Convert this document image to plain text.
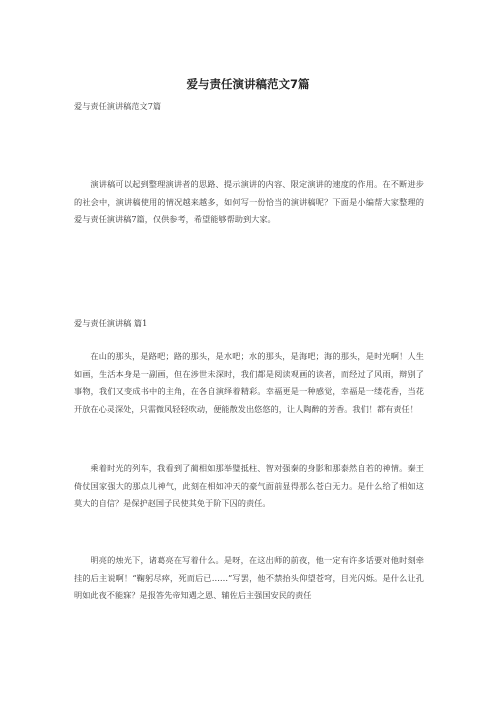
爱与责任演讲稿范文7篇
爱与责任演讲稿范文7篇

演讲稿可以起到整理演讲者的思路、提示演讲的内容、限定演讲的速度的作用。在不断进步的社会中，演讲稿使用的情况越来越多，如何写一份恰当的演讲稿呢？下面是小编帮大家整理的爱与责任演讲稿7篇，仅供参考，希望能够帮助到大家。

爱与责任演讲稿 篇1

在山的那头，是路吧；路的那头，是水吧；水的那头，是海吧；海的那头，是时光啊！人生如画，生活本身是一副画，但在涉世未深时，我们都是阅读观画的读者，而经过了风雨，辩别了事物，我们又变成书中的主角，在各自演绎着精彩。幸福更是一种感觉，幸福是一缕花香，当花开放在心灵深处，只需微风轻轻吹动，便能散发出悠悠的，让人陶醉的芳香。我们！都有责任！

乘着时光的列车，我看到了蔺相如那举璧抵柱、智对强秦的身影和那泰然自若的神情。秦王倚仗国家强大的那点儿神气，此刻在相如冲天的豪气面前显得那么苍白无力。是什么给了相如这莫大的自信？是保护赵国子民使其免于阶下囚的责任。

明亮的烛光下，诸葛亮在写着什么。是呀，在这出师的前夜，他一定有许多话要对他时刻牵挂的后主说啊！“鞠躬尽瘁，死而后已……”写罢，他不禁抬头仰望苍穹，目光闪烁。是什么让孔明如此夜不能寐？是报答先帝知遇之恩、辅佐后主强国安民的责任
